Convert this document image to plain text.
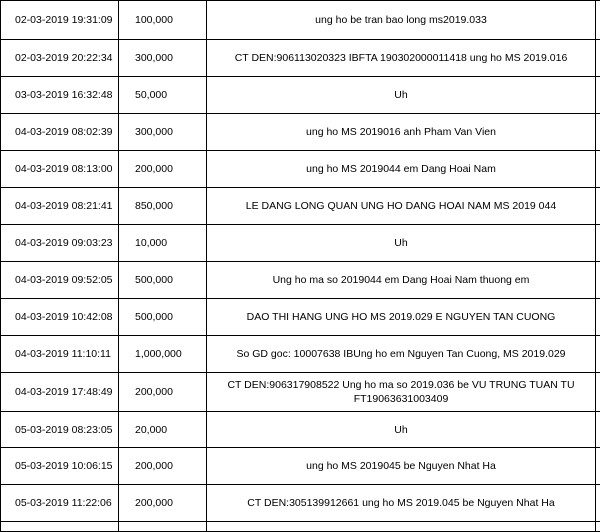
02-03-2019 19:31:09	100,000	ung ho be tran bao long ms2019.033	
02-03-2019 20:22:34	300,000	CT DEN:906113020323 IBFTA 190302000011418 ung ho MS 2019.016	
03-03-2019 16:32:48	50,000	Uh	
04-03-2019 08:02:39	300,000	ung ho MS 2019016 anh Pham Van Vien	
04-03-2019 08:13:00	200,000	ung ho MS 2019044 em Dang Hoai Nam	
04-03-2019 08:21:41	850,000	LE DANG LONG QUAN UNG HO DANG HOAI NAM MS 2019 044	
04-03-2019 09:03:23	10,000	Uh	
04-03-2019 09:52:05	500,000	Ung ho ma so 2019044 em Dang Hoai Nam thuong em	
04-03-2019 10:42:08	500,000	DAO THI HANG UNG HO MS 2019.029 E NGUYEN TAN CUONG	
04-03-2019 11:10:11	1,000,000	So GD goc: 10007638 IBUng ho em Nguyen Tan Cuong, MS 2019.029	
04-03-2019 17:48:49	200,000	CT DEN:906317908522 Ung ho ma so 2019.036 be VU TRUNG TUAN TU FT19063631003409	
05-03-2019 08:23:05	20,000	Uh	
05-03-2019 10:06:15	200,000	ung ho MS 2019045 be Nguyen Nhat Ha	
05-03-2019 11:22:06	200,000	CT DEN:305139912661 ung ho MS 2019.045 be Nguyen Nhat Ha	
